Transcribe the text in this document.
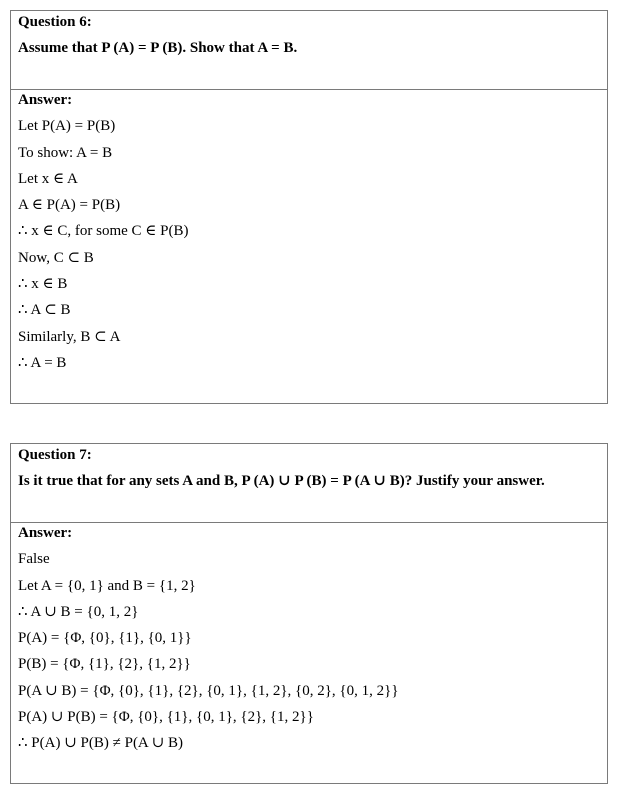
Question 6:
Assume that P (A) = P (B). Show that A = B.
Answer:
Let P(A) = P(B)
To show: A = B
Let x ∈ A
A ∈ P(A) = P(B)
∴ x ∈ C, for some C ∈ P(B)
Now, C ⊂ B
∴ x ∈ B
∴ A ⊂ B
Similarly, B ⊂ A
∴ A = B
Question 7:
Is it true that for any sets A and B, P (A) ∪ P (B) = P (A ∪ B)? Justify your answer.
Answer:
False
Let A = {0, 1} and B = {1, 2}
∴ A ∪ B = {0, 1, 2}
P(A) = {Φ, {0}, {1}, {0, 1}}
P(B) = {Φ, {1}, {2}, {1, 2}}
P(A ∪ B) = {Φ, {0}, {1}, {2}, {0, 1}, {1, 2}, {0, 2}, {0, 1, 2}}
P(A) ∪ P(B) = {Φ, {0}, {1}, {0, 1}, {2}, {1, 2}}
∴ P(A) ∪ P(B) ≠ P(A ∪ B)
